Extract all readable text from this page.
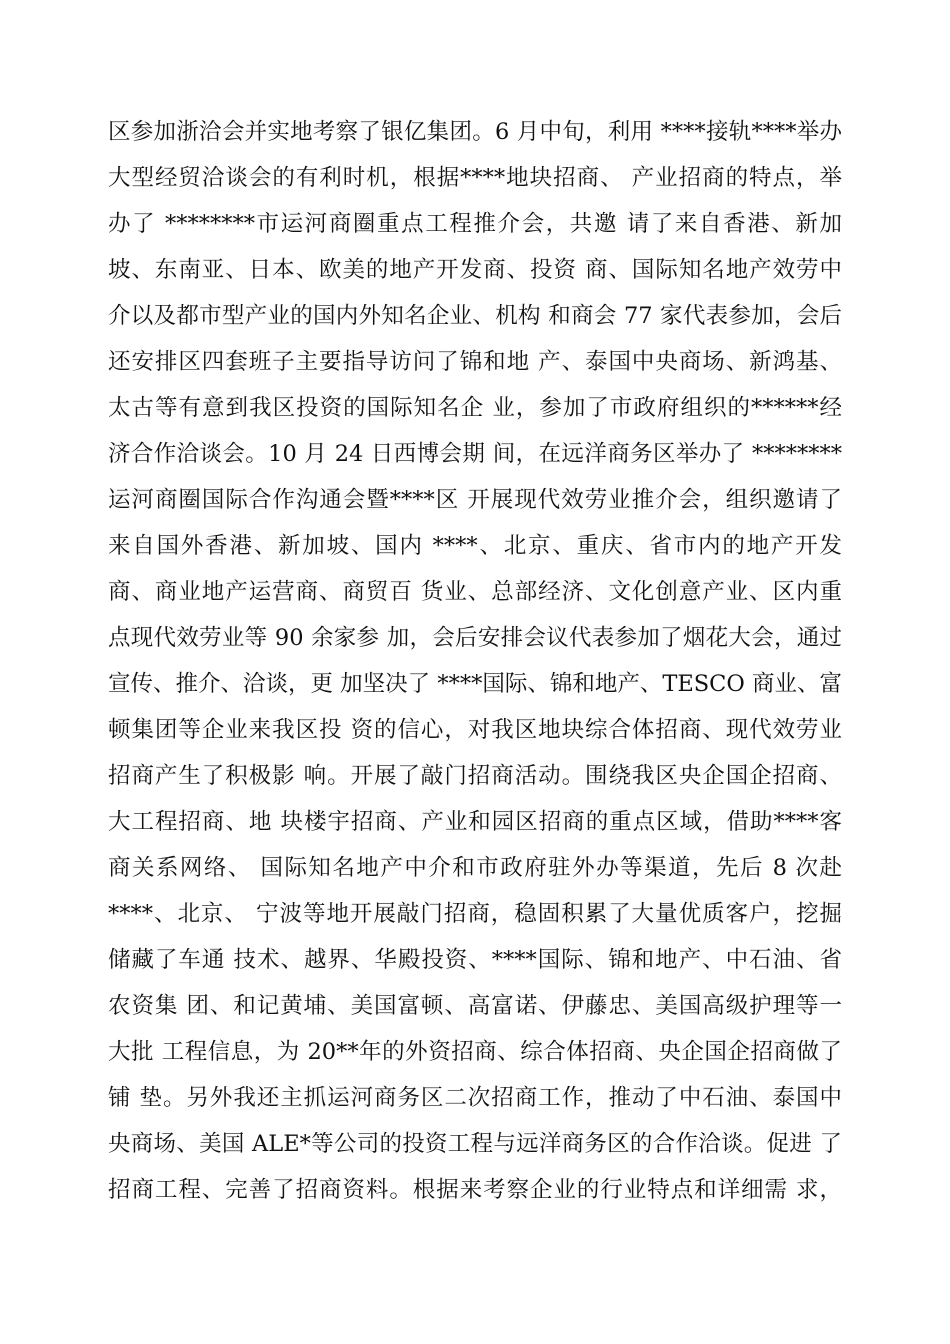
区参加浙洽会并实地考察了银亿集团。6 月中旬，利用 ****接轨****举办
大型经贸洽谈会的有利时机，根据****地块招商、 产业招商的特点，举
办了 ********市运河商圈重点工程推介会，共邀 请了来自香港、新加
坡、东南亚、日本、欧美的地产开发商、投资 商、国际知名地产效劳中
介以及都市型产业的国内外知名企业、机构 和商会 77 家代表参加，会后
还安排区四套班子主要指导访问了锦和地 产、泰国中央商场、新鸿基、
太古等有意到我区投资的国际知名企 业，参加了市政府组织的******经
济合作洽谈会。10 月 24 日西博会期 间，在远洋商务区举办了 ********
运河商圈国际合作沟通会暨****区 开展现代效劳业推介会，组织邀请了
来自国外香港、新加坡、国内 ****、北京、重庆、省市内的地产开发
商、商业地产运营商、商贸百 货业、总部经济、文化创意产业、区内重
点现代效劳业等 90 余家参 加，会后安排会议代表参加了烟花大会，通过
宣传、推介、洽谈，更 加坚决了 ****国际、锦和地产、TESCO 商业、富
顿集团等企业来我区投 资的信心，对我区地块综合体招商、现代效劳业
招商产生了积极影 响。开展了敲门招商活动。围绕我区央企国企招商、
大工程招商、地 块楼宇招商、产业和园区招商的重点区域，借助****客
商关系网络、 国际知名地产中介和市政府驻外办等渠道，先后 8 次赴
****、北京、 宁波等地开展敲门招商，稳固积累了大量优质客户，挖掘
储藏了车通 技术、越界、华殿投资、****国际、锦和地产、中石油、省
农资集 团、和记黄埔、美国富顿、高富诺、伊藤忠、美国高级护理等一
大批 工程信息，为 20**年的外资招商、综合体招商、央企国企招商做了
铺 垫。另外我还主抓运河商务区二次招商工作，推动了中石油、泰国中
央商场、美国 ALE*等公司的投资工程与远洋商务区的合作洽谈。促进 了
招商工程、完善了招商资料。根据来考察企业的行业特点和详细需 求，
